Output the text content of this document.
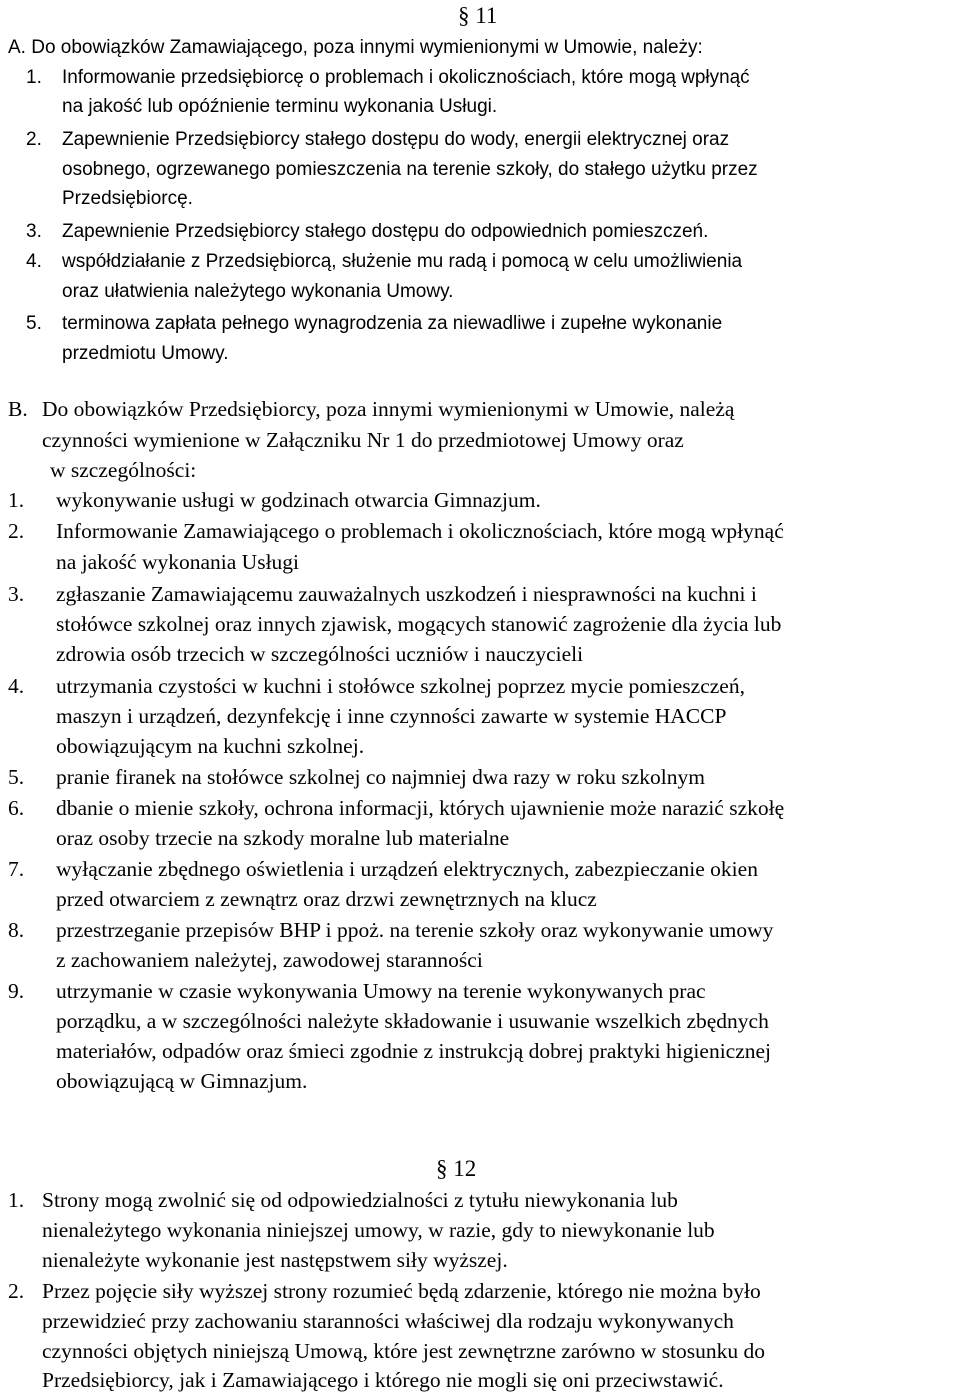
§ 11
A. Do obowiązków Zamawiającego, poza innymi wymienionymi w Umowie, należy:
1. Informowanie przedsiębiorcę o problemach i okolicznościach, które mogą wpłynąć
na jakość lub opóźnienie terminu wykonania Usługi.
2. Zapewnienie Przedsiębiorcy stałego dostępu do wody, energii elektrycznej oraz
osobnego, ogrzewanego pomieszczenia na terenie szkoły, do stałego użytku przez
Przedsiębiorcę.
3. Zapewnienie Przedsiębiorcy stałego dostępu do odpowiednich pomieszczeń.
4. współdziałanie z Przedsiębiorcą, służenie mu radą i pomocą w celu umożliwienia
oraz ułatwienia należytego wykonania Umowy.
5. terminowa zapłata pełnego wynagrodzenia za niewadliwe i zupełne wykonanie
przedmiotu Umowy.
B. Do obowiązków Przedsiębiorcy, poza innymi wymienionymi w Umowie, należą
czynności wymienione w Załączniku Nr 1 do przedmiotowej Umowy oraz
w szczególności:
1. wykonywanie usługi w godzinach otwarcia Gimnazjum.
2. Informowanie Zamawiającego o problemach i okolicznościach, które mogą wpłynąć
na jakość wykonania Usługi
3. zgłaszanie Zamawiającemu zauważalnych uszkodzeń i niesprawności na kuchni i
stołówce szkolnej oraz innych zjawisk, mogących stanowić zagrożenie dla życia lub
zdrowia osób trzecich w szczególności uczniów i nauczycieli
4. utrzymania czystości w kuchni i stołówce szkolnej poprzez mycie pomieszczeń,
maszyn i urządzeń, dezynfekcję i inne czynności zawarte w systemie HACCP
obowiązującym na kuchni szkolnej.
5. pranie firanek na stołówce szkolnej co najmniej dwa razy w roku szkolnym
6. dbanie o mienie szkoły, ochrona informacji, których ujawnienie może narazić szkołę
oraz osoby trzecie na szkody moralne lub materialne
7. wyłączanie zbędnego oświetlenia i urządzeń elektrycznych, zabezpieczanie okien
przed otwarciem z zewnątrz oraz drzwi zewnętrznych na klucz
8. przestrzeganie przepisów BHP i ppoż. na terenie szkoły oraz wykonywanie umowy
z zachowaniem należytej, zawodowej staranności
9. utrzymanie w czasie wykonywania Umowy na terenie wykonywanych prac
porządku, a w szczególności należyte składowanie i usuwanie wszelkich zbędnych
materiałów, odpadów oraz śmieci zgodnie z instrukcją dobrej praktyki higienicznej
obowiązującą w Gimnazjum.
§ 12
1. Strony mogą zwolnić się od odpowiedzialności z tytułu niewykonania lub
nienależytego wykonania niniejszej umowy, w razie, gdy to niewykonanie lub
nienależyte wykonanie jest następstwem siły wyższej.
2. Przez pojęcie siły wyższej strony rozumieć będą zdarzenie, którego nie można było
przewidzieć przy zachowaniu staranności właściwej dla rodzaju wykonywanych
czynności objętych niniejszą Umową, które jest zewnętrzne zarówno w stosunku do
Przedsiębiorcy, jak i Zamawiającego i którego nie mogli się oni przeciwstawić.
